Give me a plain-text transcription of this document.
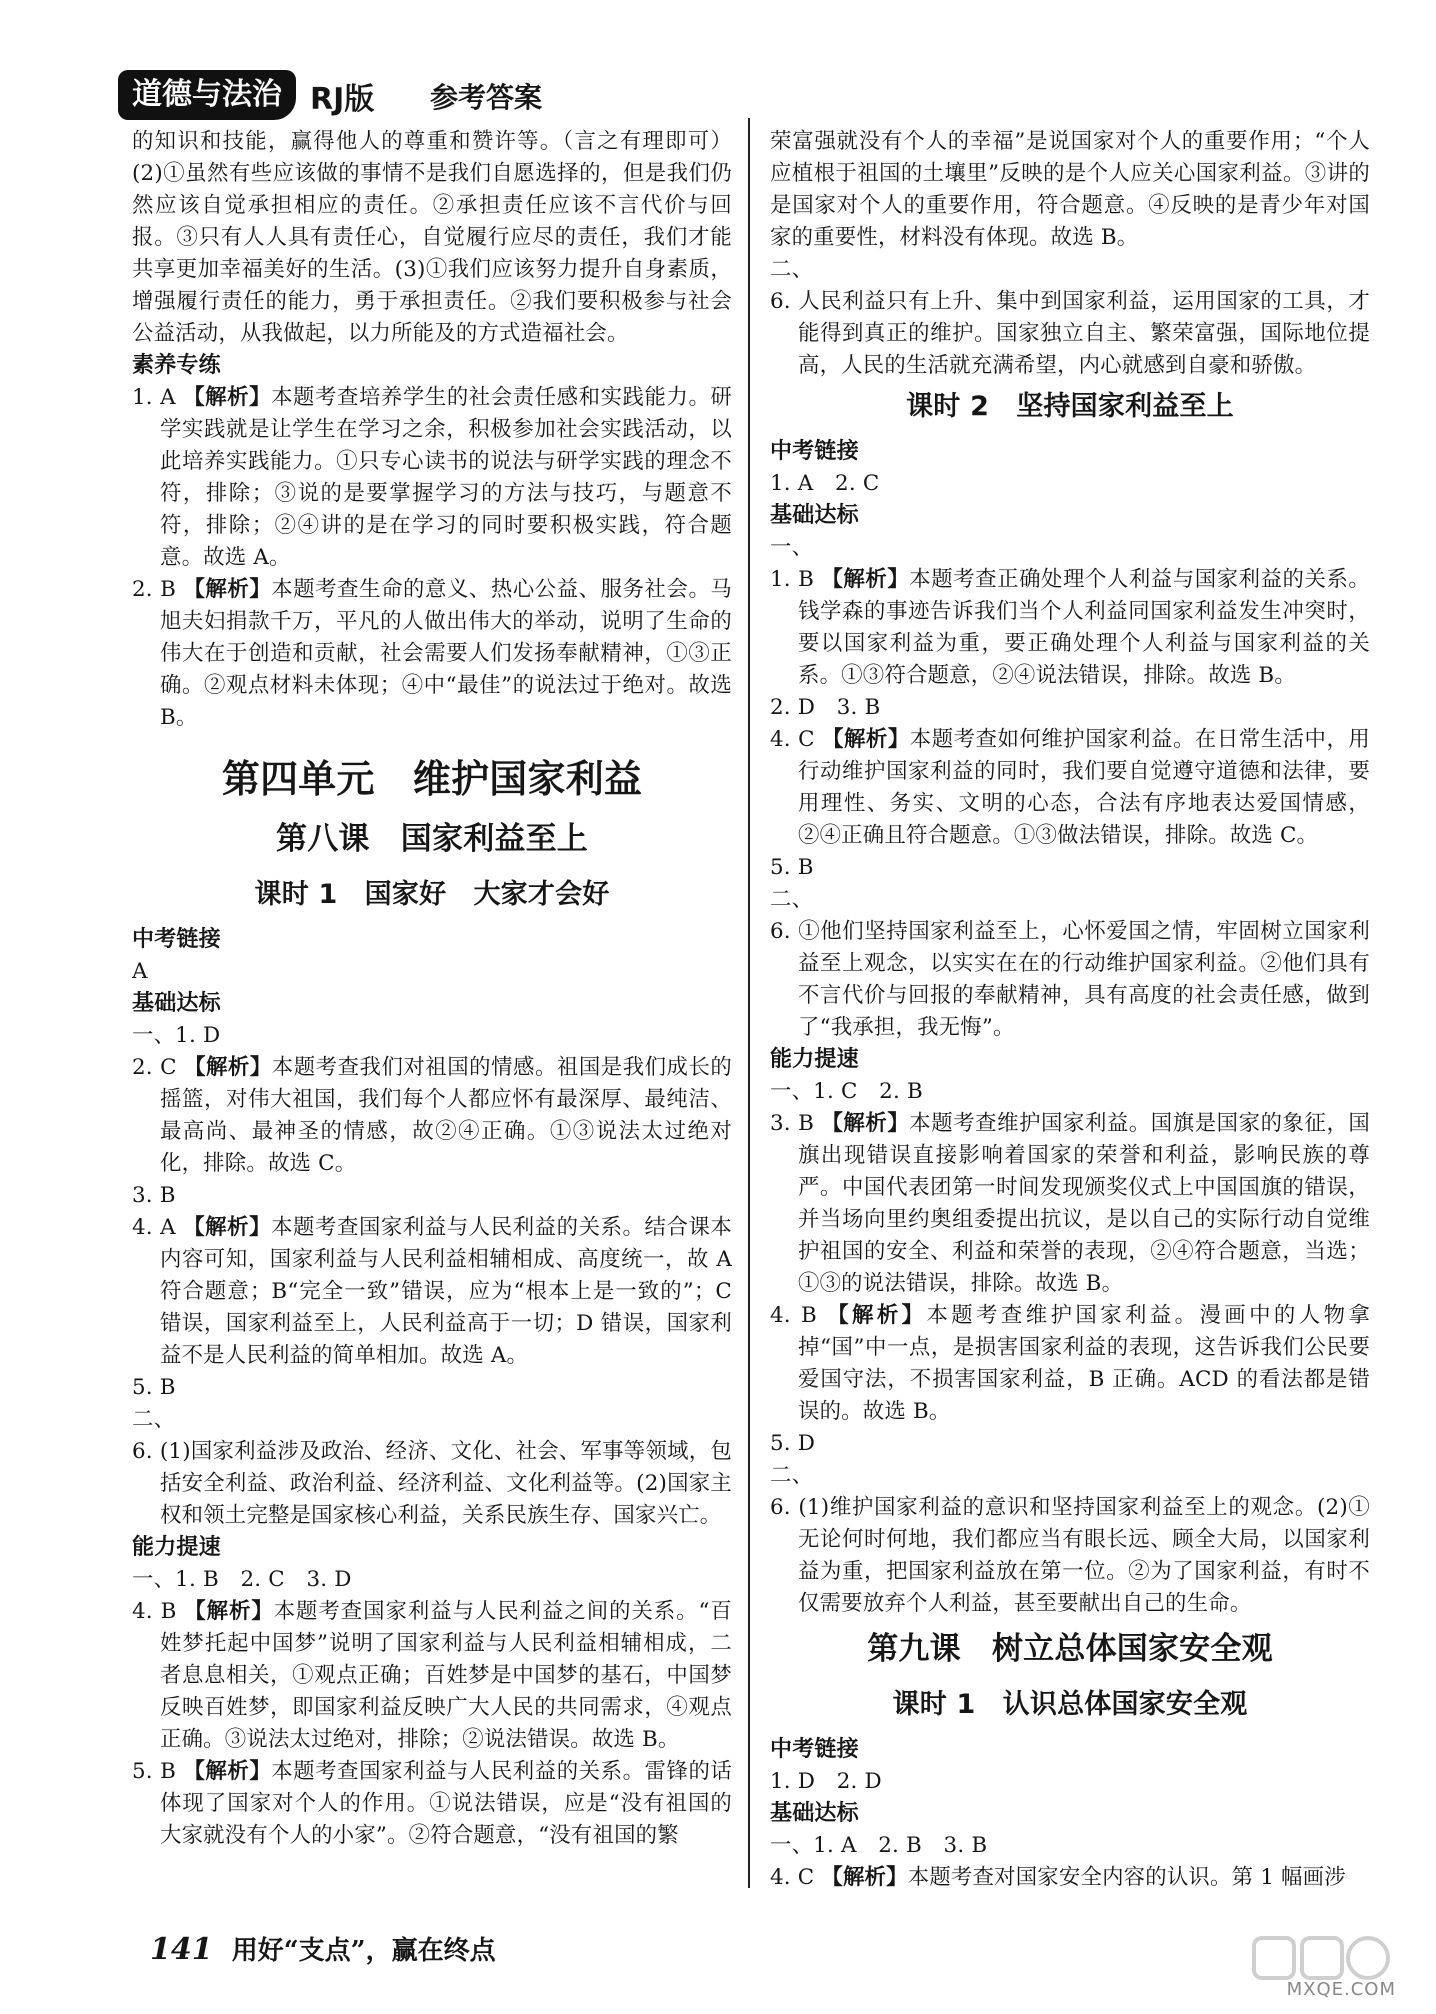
道德与法治 RJ版 参考答案

的知识和技能，赢得他人的尊重和赞许等。（言之有理即可）(2)①虽然有些应该做的事情不是我们自愿选择的，但是我们仍然应该自觉承担相应的责任。②承担责任应该不言代价与回报。③只有人人具有责任心，自觉履行应尽的责任，我们才能共享更加幸福美好的生活。(3)①我们应该努力提升自身素质，增强履行责任的能力，勇于承担责任。②我们要积极参与社会公益活动，从我做起，以力所能及的方式造福社会。

素养专练

1. A 【解析】本题考查培养学生的社会责任感和实践能力。研学实践就是让学生在学习之余，积极参加社会实践活动，以此培养实践能力。①只专心读书的说法与研学实践的理念不符，排除；③说的是要掌握学习的方法与技巧，与题意不符，排除；②④讲的是在学习的同时要积极实践，符合题意。故选 A。

2. B 【解析】本题考查生命的意义、热心公益、服务社会。马旭夫妇捐款千万，平凡的人做出伟大的举动，说明了生命的伟大在于创造和贡献，社会需要人们发扬奉献精神，①③正确。②观点材料未体现；④中“最佳”的说法过于绝对。故选 B。

第四单元　维护国家利益
第八课　国家利益至上
课时 1　国家好　大家才会好
中考链接

A

基础达标

一、1. D

2. C 【解析】本题考查我们对祖国的情感。祖国是我们成长的摇篮，对伟大祖国，我们每个人都应怀有最深厚、最纯洁、最高尚、最神圣的情感，故②④正确。①③说法太过绝对化，排除。故选 C。

3. B

4. A 【解析】本题考查国家利益与人民利益的关系。结合课本内容可知，国家利益与人民利益相辅相成、高度统一，故 A 符合题意；B“完全一致”错误，应为“根本上是一致的”；C 错误，国家利益至上，人民利益高于一切；D 错误，国家利益不是人民利益的简单相加。故选 A。

5. B

二、

6. (1)国家利益涉及政治、经济、文化、社会、军事等领域，包括安全利益、政治利益、经济利益、文化利益等。(2)国家主权和领土完整是国家核心利益，关系民族生存、国家兴亡。

能力提速

一、1. B　2. C　3. D

4. B 【解析】本题考查国家利益与人民利益之间的关系。“百姓梦托起中国梦”说明了国家利益与人民利益相辅相成，二者息息相关，①观点正确；百姓梦是中国梦的基石，中国梦反映百姓梦，即国家利益反映广大人民的共同需求，④观点正确。③说法太过绝对，排除；②说法错误。故选 B。

5. B 【解析】本题考查国家利益与人民利益的关系。雷锋的话体现了国家对个人的作用。①说法错误，应是“没有祖国的大家就没有个人的小家”。②符合题意，“没有祖国的繁

荣富强就没有个人的幸福”是说国家对个人的重要作用；“个人应植根于祖国的土壤里”反映的是个人应关心国家利益。③讲的是国家对个人的重要作用，符合题意。④反映的是青少年对国家的重要性，材料没有体现。故选 B。

二、

6. 人民利益只有上升、集中到国家利益，运用国家的工具，才能得到真正的维护。国家独立自主、繁荣富强，国际地位提高，人民的生活就充满希望，内心就感到自豪和骄傲。

课时 2　坚持国家利益至上
中考链接

1. A　2. C

基础达标

一、

1. B 【解析】本题考查正确处理个人利益与国家利益的关系。钱学森的事迹告诉我们当个人利益同国家利益发生冲突时，要以国家利益为重，要正确处理个人利益与国家利益的关系。①③符合题意，②④说法错误，排除。故选 B。

2. D　3. B

4. C 【解析】本题考查如何维护国家利益。在日常生活中，用行动维护国家利益的同时，我们要自觉遵守道德和法律，要用理性、务实、文明的心态，合法有序地表达爱国情感，②④正确且符合题意。①③做法错误，排除。故选 C。

5. B

二、

6. ①他们坚持国家利益至上，心怀爱国之情，牢固树立国家利益至上观念，以实实在在的行动维护国家利益。②他们具有不言代价与回报的奉献精神，具有高度的社会责任感，做到了“我承担，我无悔”。

能力提速

一、1. C　2. B

3. B 【解析】本题考查维护国家利益。国旗是国家的象征，国旗出现错误直接影响着国家的荣誉和利益，影响民族的尊严。中国代表团第一时间发现颁奖仪式上中国国旗的错误，并当场向里约奥组委提出抗议，是以自己的实际行动自觉维护祖国的安全、利益和荣誉的表现，②④符合题意，当选；①③的说法错误，排除。故选 B。

4. B 【解析】本题考查维护国家利益。漫画中的人物拿掉“国”中一点，是损害国家利益的表现，这告诉我们公民要爱国守法，不损害国家利益，B 正确。ACD 的看法都是错误的。故选 B。

5. D

二、

6. (1)维护国家利益的意识和坚持国家利益至上的观念。(2)①无论何时何地，我们都应当有眼长远、顾全大局，以国家利益为重，把国家利益放在第一位。②为了国家利益，有时不仅需要放弃个人利益，甚至要献出自己的生命。

第九课　树立总体国家安全观
课时 1　认识总体国家安全观
中考链接

1. D　2. D

基础达标

一、1. A　2. B　3. B

4. C 【解析】本题考查对国家安全内容的认识。第 1 幅画涉

141 用好“支点”，赢在终点
MXQE.COM
